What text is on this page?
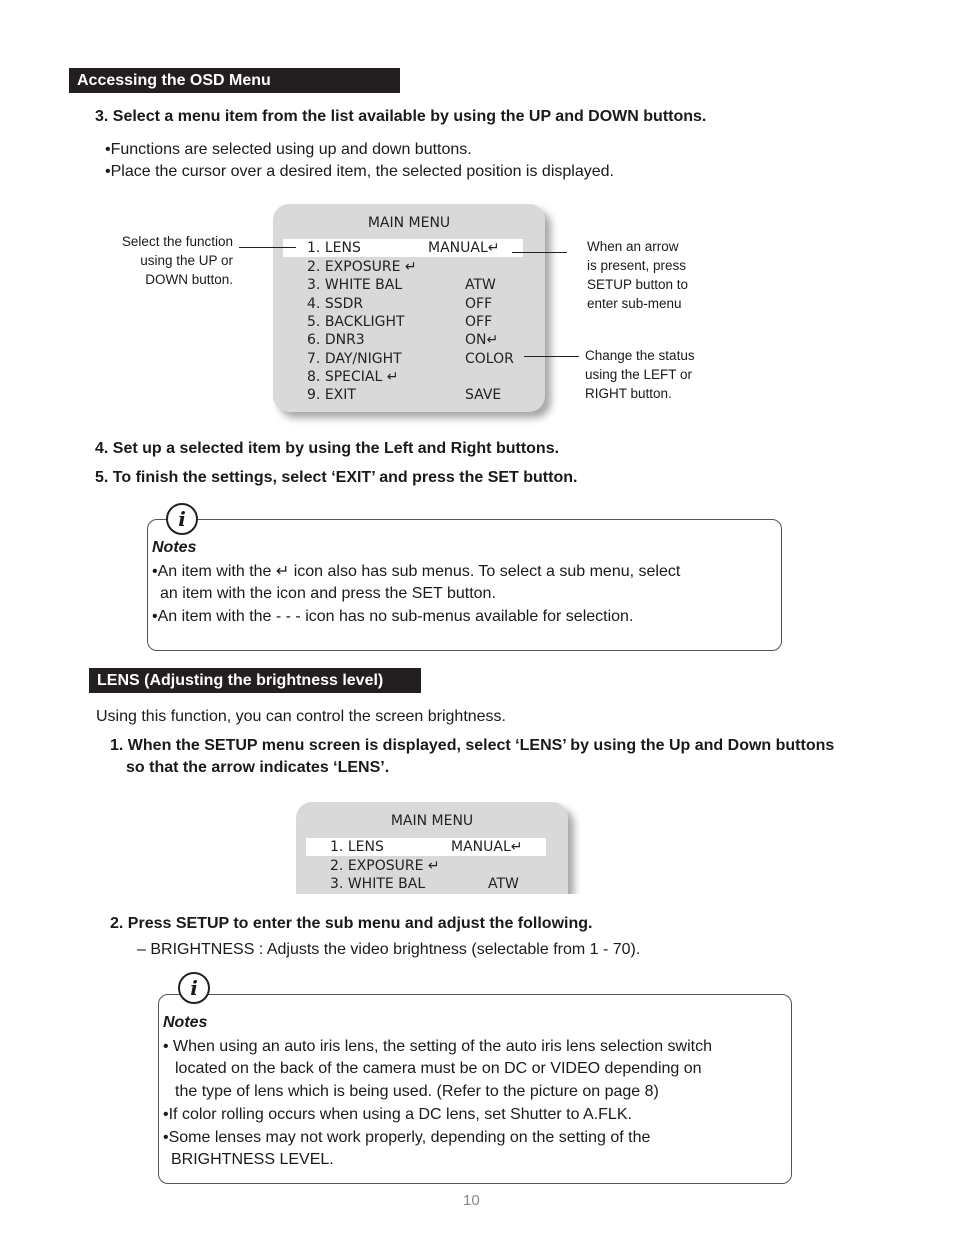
Accessing the OSD Menu
3. Select a menu item from the list available by using the UP and DOWN buttons.
•Functions are selected using up and down buttons.
•Place the cursor over a desired item, the selected position is displayed.
MAIN MENU
1. LENS	MANUAL↵
2. EXPOSURE ↵
3. WHITE BAL	ATW
4. SSDR	OFF
5. BACKLIGHT	OFF
6. DNR3	ON↵
7. DAY/NIGHT	COLOR
8. SPECIAL ↵
9. EXIT	SAVE
Select the function
using the UP or
DOWN button.
When an arrow
is present, press
SETUP button to
enter sub-menu
Change the status
using the LEFT or
RIGHT button.
4. Set up a selected item by using the Left and Right buttons.
5. To finish the settings, select ‘EXIT’ and press the SET button.
i
Notes
•An item with the ↵ icon also has sub menus. To select a sub menu, select
an item with the icon and press the SET button.
•An item with the - - - icon has no sub-menus available for selection.
LENS (Adjusting the brightness level)
Using this function, you can control the screen brightness.
1. When the SETUP menu screen is displayed, select ‘LENS’ by using the Up and Down buttons
so that the arrow indicates ‘LENS’.
MAIN MENU
1. LENS	MANUAL↵
2. EXPOSURE ↵
3. WHITE BAL	ATW
2. Press SETUP to enter the sub menu and adjust the following.
– BRIGHTNESS : Adjusts the video brightness (selectable from 1 - 70).
i
Notes
• When using an auto iris lens, the setting of the auto iris lens selection switch
located on the back of the camera must be on DC or VIDEO depending on
the type of lens which is being used. (Refer to the picture on page 8)
•If color rolling occurs when using a DC lens, set Shutter to A.FLK.
•Some lenses may not work properly, depending on the setting of the
BRIGHTNESS LEVEL.
10
